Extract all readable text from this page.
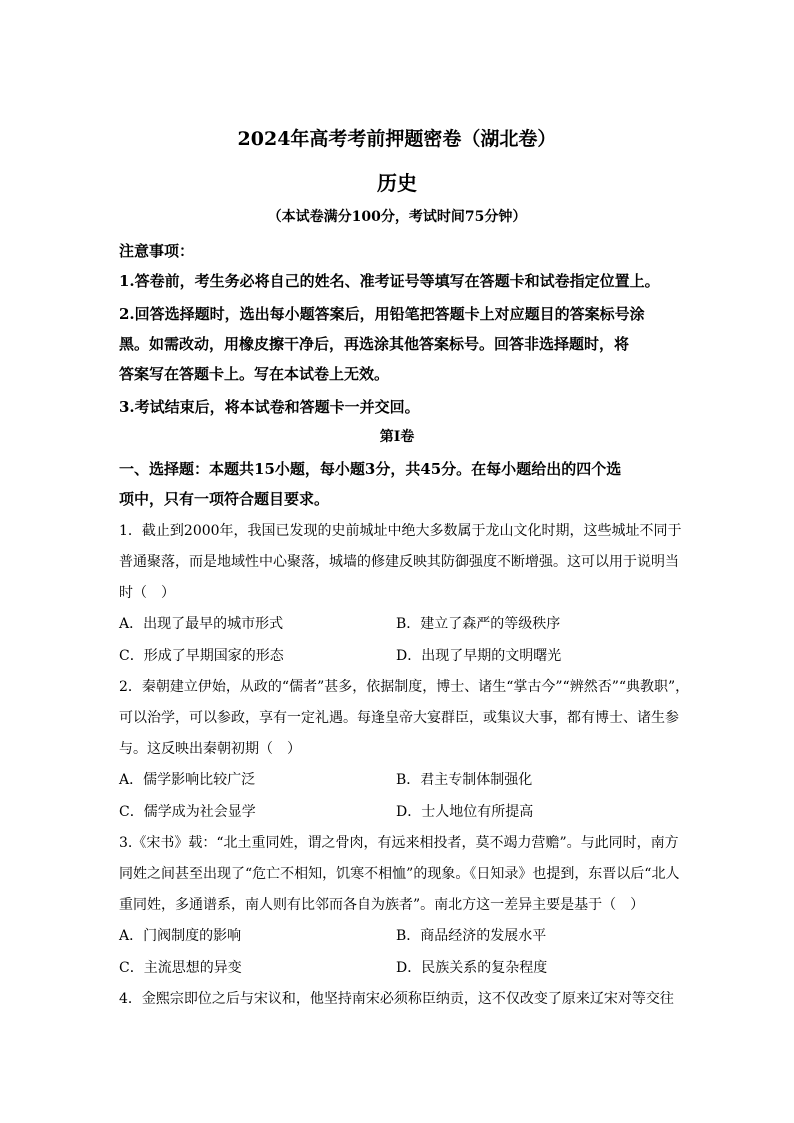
2024年高考考前押题密卷（湖北卷）
历史
（本试卷满分100分，考试时间75分钟）
注意事项：
1.答卷前，考生务必将自己的姓名、准考证号等填写在答题卡和试卷指定位置上。
2.回答选择题时，选出每小题答案后，用铅笔把答题卡上对应题目的答案标号涂
黑。如需改动，用橡皮擦干净后，再选涂其他答案标号。回答非选择题时，将
答案写在答题卡上。写在本试卷上无效。
3.考试结束后，将本试卷和答题卡一并交回。
第Ⅰ卷
一、选择题：本题共15小题，每小题3分，共45分。在每小题给出的四个选
项中，只有一项符合题目要求。
1．截止到2000年，我国已发现的史前城址中绝大多数属于龙山文化时期，这些城址不同于
普通聚落，而是地域性中心聚落，城墙的修建反映其防御强度不断增强。这可以用于说明当
时（　）
A．出现了最早的城市形式	B．建立了森严的等级秩序
C．形成了早期国家的形态	D．出现了早期的文明曙光
2．秦朝建立伊始，从政的“儒者”甚多，依据制度，博士、诸生“掌古今”“辨然否”“典教职”，
可以治学，可以参政，享有一定礼遇。每逢皇帝大宴群臣，或集议大事，都有博士、诸生参
与。这反映出秦朝初期（　）
A．儒学影响比较广泛	B．君主专制体制强化
C．儒学成为社会显学	D．士人地位有所提高
3.《宋书》载：“北土重同姓，谓之骨肉，有远来相投者，莫不竭力营赡”。与此同时，南方
同姓之间甚至出现了“危亡不相知，饥寒不相恤”的现象。《日知录》也提到，东晋以后“北人
重同姓，多通谱系，南人则有比邻而各自为族者”。南北方这一差异主要是基于（　）
A．门阀制度的影响	B．商品经济的发展水平
C．主流思想的异变	D．民族关系的复杂程度
4．金熙宗即位之后与宋议和，他坚持南宋必须称臣纳贡，这不仅改变了原来辽宋对等交往
